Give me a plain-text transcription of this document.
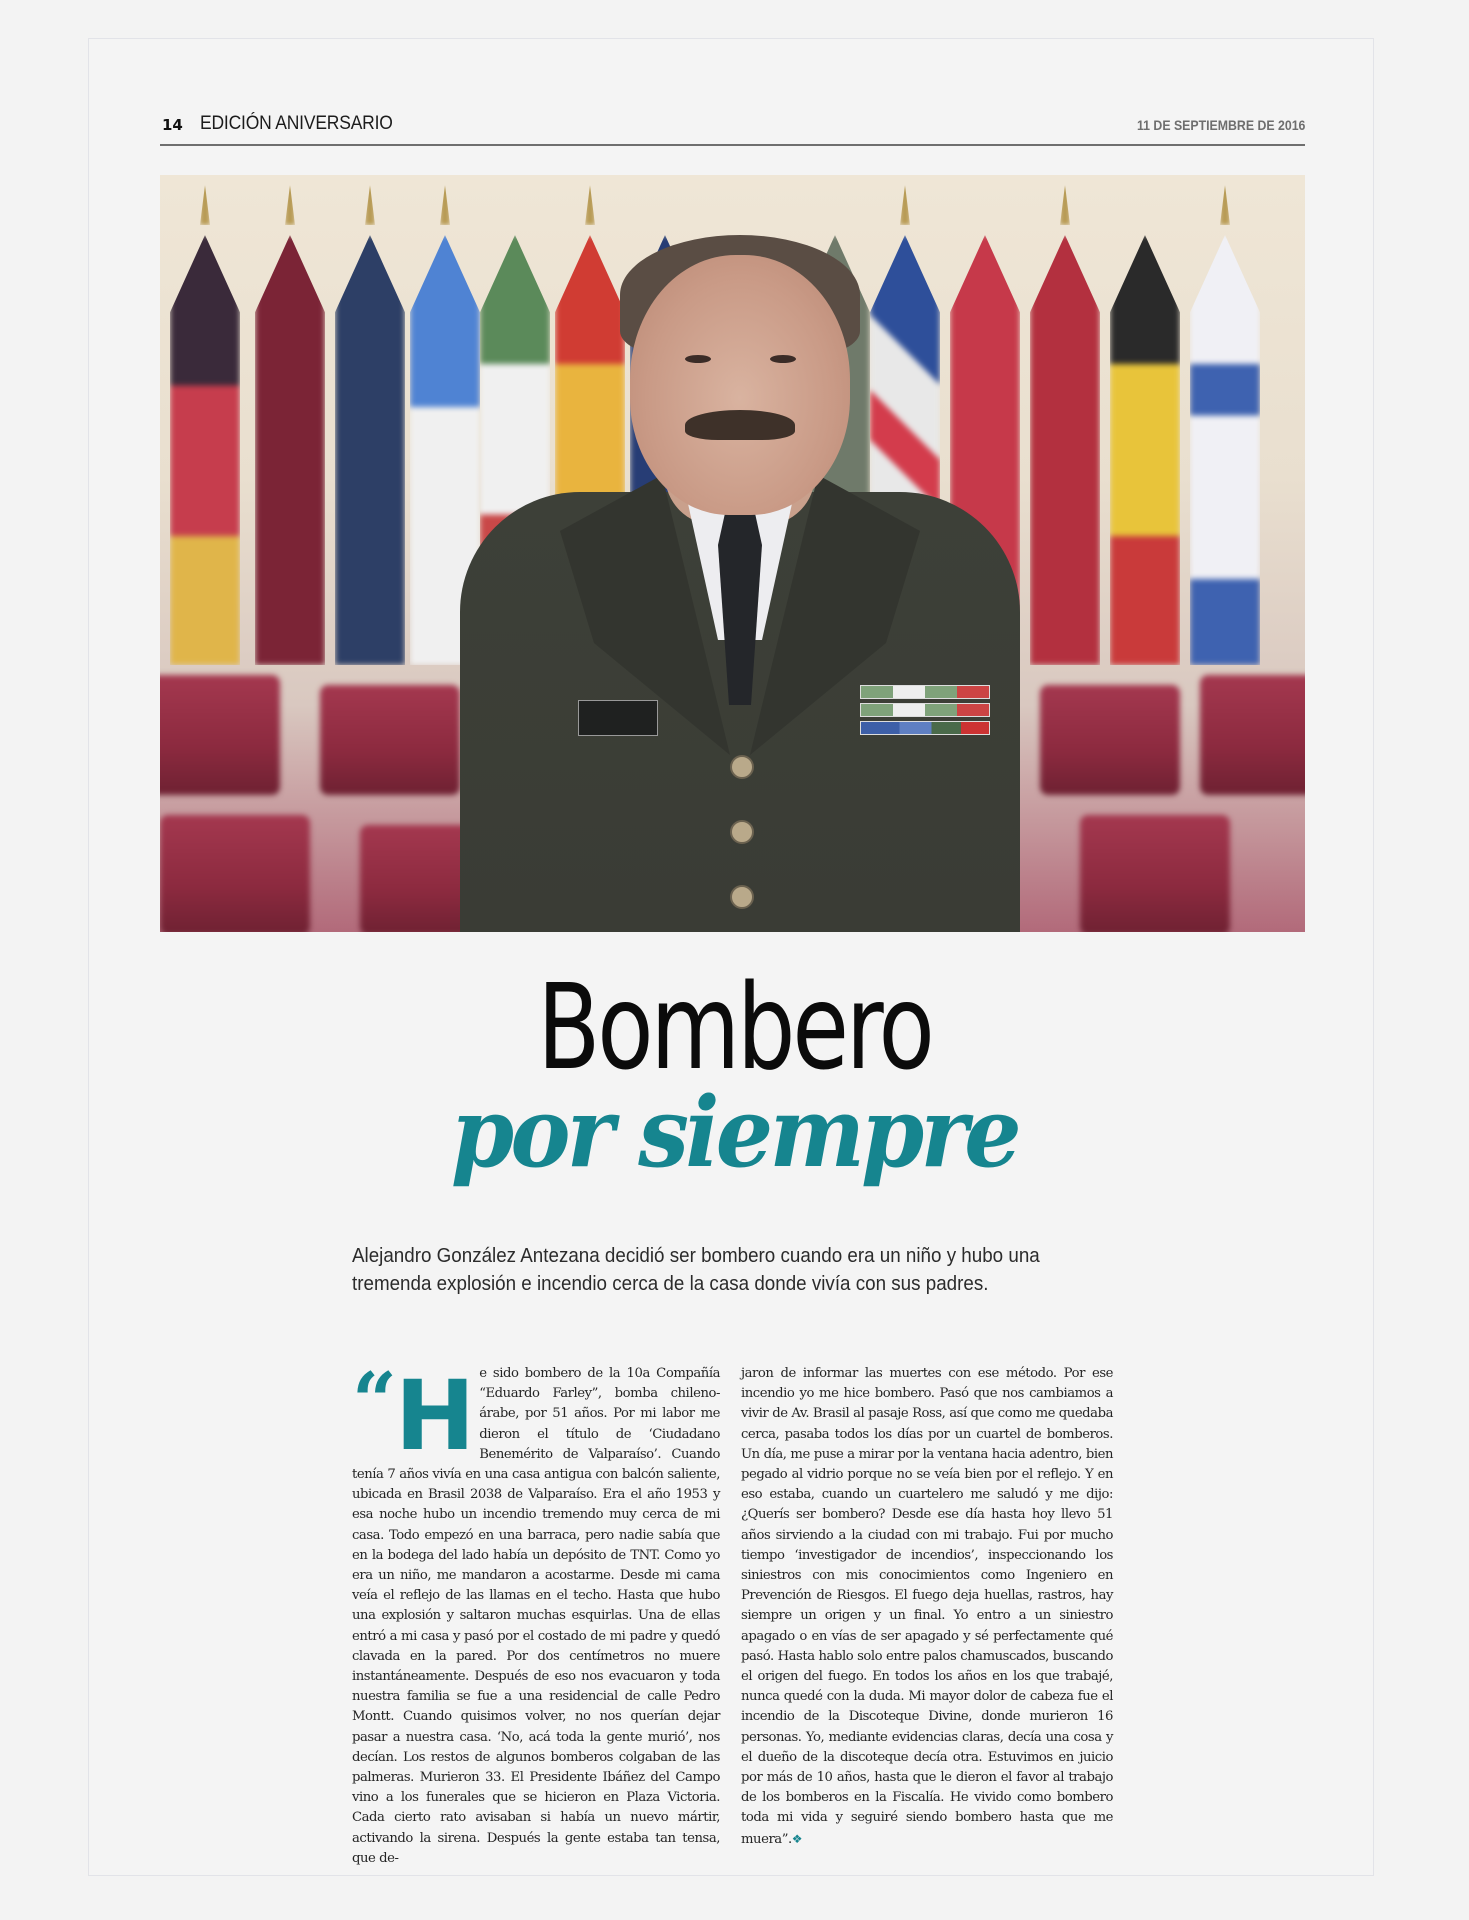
14 EDICIÓN ANIVERSARIO	11 DE SEPTIEMBRE DE 2016
Bombero
por siempre
Alejandro González Antezana decidió ser bombero cuando era un niño y hubo una tremenda explosión e incendio cerca de la casa donde vivía con sus padres.
“H e sido bombero de la 10a Compañía “Eduardo Farley”, bomba chileno-árabe, por 51 años. Por mi labor me dieron el título de ‘Ciudadano Benemérito de Valparaíso’. Cuando tenía 7 años vivía en una casa antigua con balcón saliente, ubicada en Brasil 2038 de Valparaíso. Era el año 1953 y esa noche hubo un incendio tremendo muy cerca de mi casa. Todo empezó en una barraca, pero nadie sabía que en la bodega del lado había un depósito de TNT. Como yo era un niño, me mandaron a acostarme. Desde mi cama veía el reflejo de las llamas en el techo. Hasta que hubo una explosión y saltaron muchas esquirlas. Una de ellas entró a mi casa y pasó por el costado de mi padre y quedó clavada en la pared. Por dos centímetros no muere instantáneamente. Después de eso nos evacuaron y toda nuestra familia se fue a una residencial de calle Pedro Montt. Cuando quisimos volver, no nos querían dejar pasar a nuestra casa. ‘No, acá toda la gente murió’, nos decían. Los restos de algunos bomberos colgaban de las palmeras. Murieron 33. El Presidente Ibáñez del Campo vino a los funerales que se hicieron en Plaza Victoria. Cada cierto rato avisaban si había un nuevo mártir, activando la sirena. Después la gente estaba tan tensa, que de-
jaron de informar las muertes con ese método. Por ese incendio yo me hice bombero. Pasó que nos cambiamos a vivir de Av. Brasil al pasaje Ross, así que como me quedaba cerca, pasaba todos los días por un cuartel de bomberos. Un día, me puse a mirar por la ventana hacia adentro, bien pegado al vidrio porque no se veía bien por el reflejo. Y en eso estaba, cuando un cuartelero me saludó y me dijo: ¿Querís ser bombero? Desde ese día hasta hoy llevo 51 años sirviendo a la ciudad con mi trabajo. Fui por mucho tiempo ‘investigador de incendios’, inspeccionando los siniestros con mis conocimientos como Ingeniero en Prevención de Riesgos. El fuego deja huellas, rastros, hay siempre un origen y un final. Yo entro a un siniestro apagado o en vías de ser apagado y sé perfectamente qué pasó. Hasta hablo solo entre palos chamuscados, buscando el origen del fuego. En todos los años en los que trabajé, nunca quedé con la duda. Mi mayor dolor de cabeza fue el incendio de la Discoteque Divine, donde murieron 16 personas. Yo, mediante evidencias claras, decía una cosa y el dueño de la discoteque decía otra. Estuvimos en juicio por más de 10 años, hasta que le dieron el favor al trabajo de los bomberos en la Fiscalía. He vivido como bombero toda mi vida y seguiré siendo bombero hasta que me muera”.❖
